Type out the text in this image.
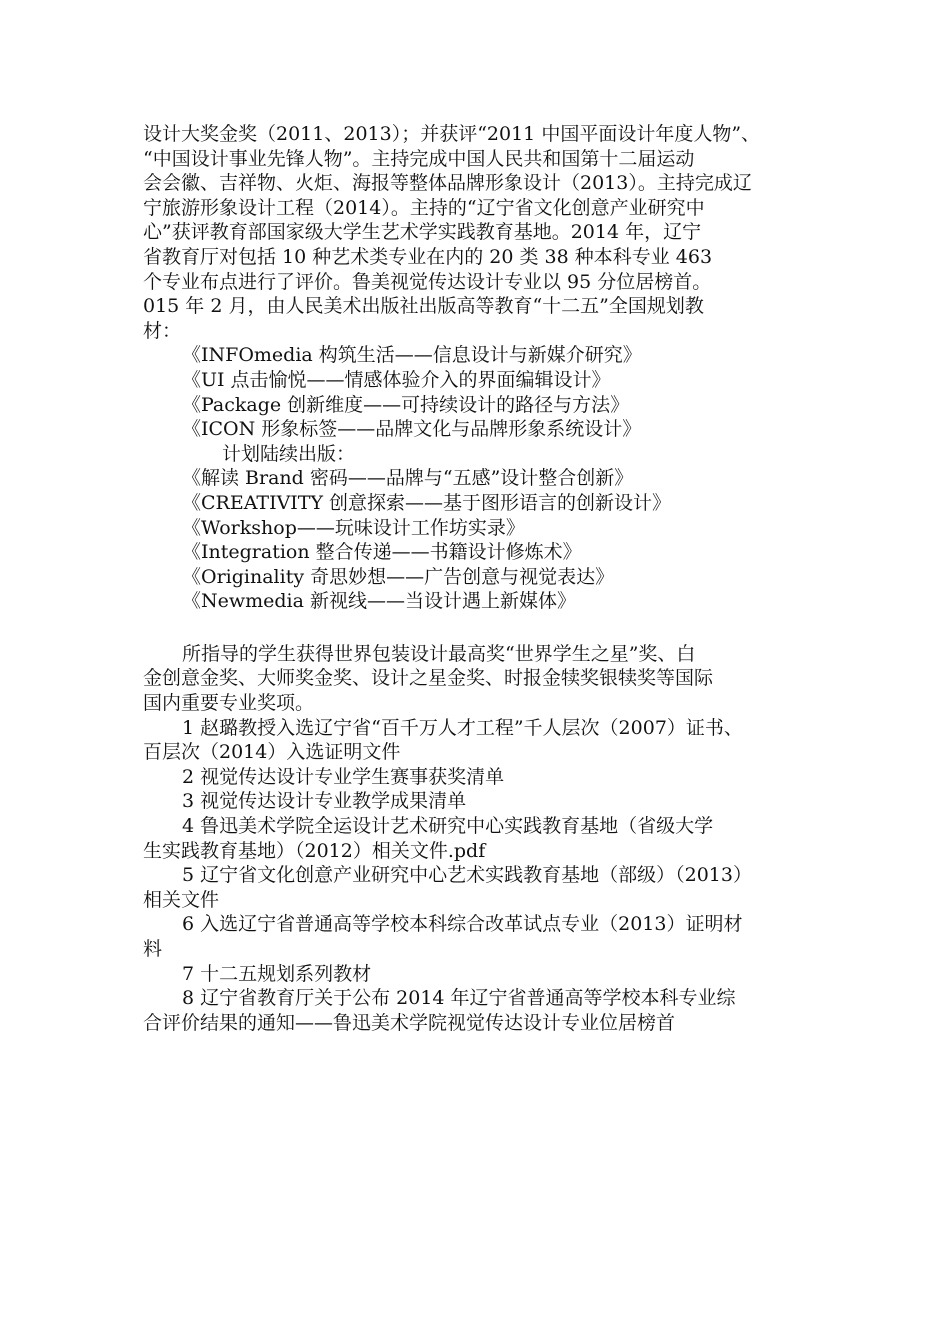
设计大奖金奖（2011、2013）；并获评“2011 中国平面设计年度人物”、
“中国设计事业先锋人物”。主持完成中国人民共和国第十二届运动
会会徽、吉祥物、火炬、海报等整体品牌形象设计（2013）。主持完成辽
宁旅游形象设计工程（2014）。主持的“辽宁省文化创意产业研究中
心”获评教育部国家级大学生艺术学实践教育基地。2014 年，辽宁
省教育厅对包括 10 种艺术类专业在内的 20 类 38 种本科专业 463
个专业布点进行了评价。鲁美视觉传达设计专业以 95 分位居榜首。
015 年 2 月，由人民美术出版社出版高等教育“十二五”全国规划教
材：
《INFOmedia 构筑生活——信息设计与新媒介研究》
《UI 点击愉悦——情感体验介入的界面编辑设计》
《Package 创新维度——可持续设计的路径与方法》
《ICON 形象标签——品牌文化与品牌形象系统设计》
计划陆续出版：
《解读 Brand 密码——品牌与“五感”设计整合创新》
《CREATIVITY 创意探索——基于图形语言的创新设计》
《Workshop——玩味设计工作坊实录》
《Integration 整合传递——书籍设计修炼术》
《Originality 奇思妙想——广告创意与视觉表达》
《Newmedia 新视线——当设计遇上新媒体》
所指导的学生获得世界包装设计最高奖“世界学生之星”奖、白
金创意金奖、大师奖金奖、设计之星金奖、时报金犊奖银犊奖等国际
国内重要专业奖项。
1 赵璐教授入选辽宁省“百千万人才工程”千人层次（2007）证书、
百层次（2014）入选证明文件
2 视觉传达设计专业学生赛事获奖清单
3 视觉传达设计专业教学成果清单
4 鲁迅美术学院全运设计艺术研究中心实践教育基地（省级大学
生实践教育基地）（2012）相关文件.pdf
5 辽宁省文化创意产业研究中心艺术实践教育基地（部级）（2013）
相关文件
6 入选辽宁省普通高等学校本科综合改革试点专业（2013）证明材
料
7 十二五规划系列教材
8 辽宁省教育厅关于公布 2014 年辽宁省普通高等学校本科专业综
合评价结果的通知——鲁迅美术学院视觉传达设计专业位居榜首
